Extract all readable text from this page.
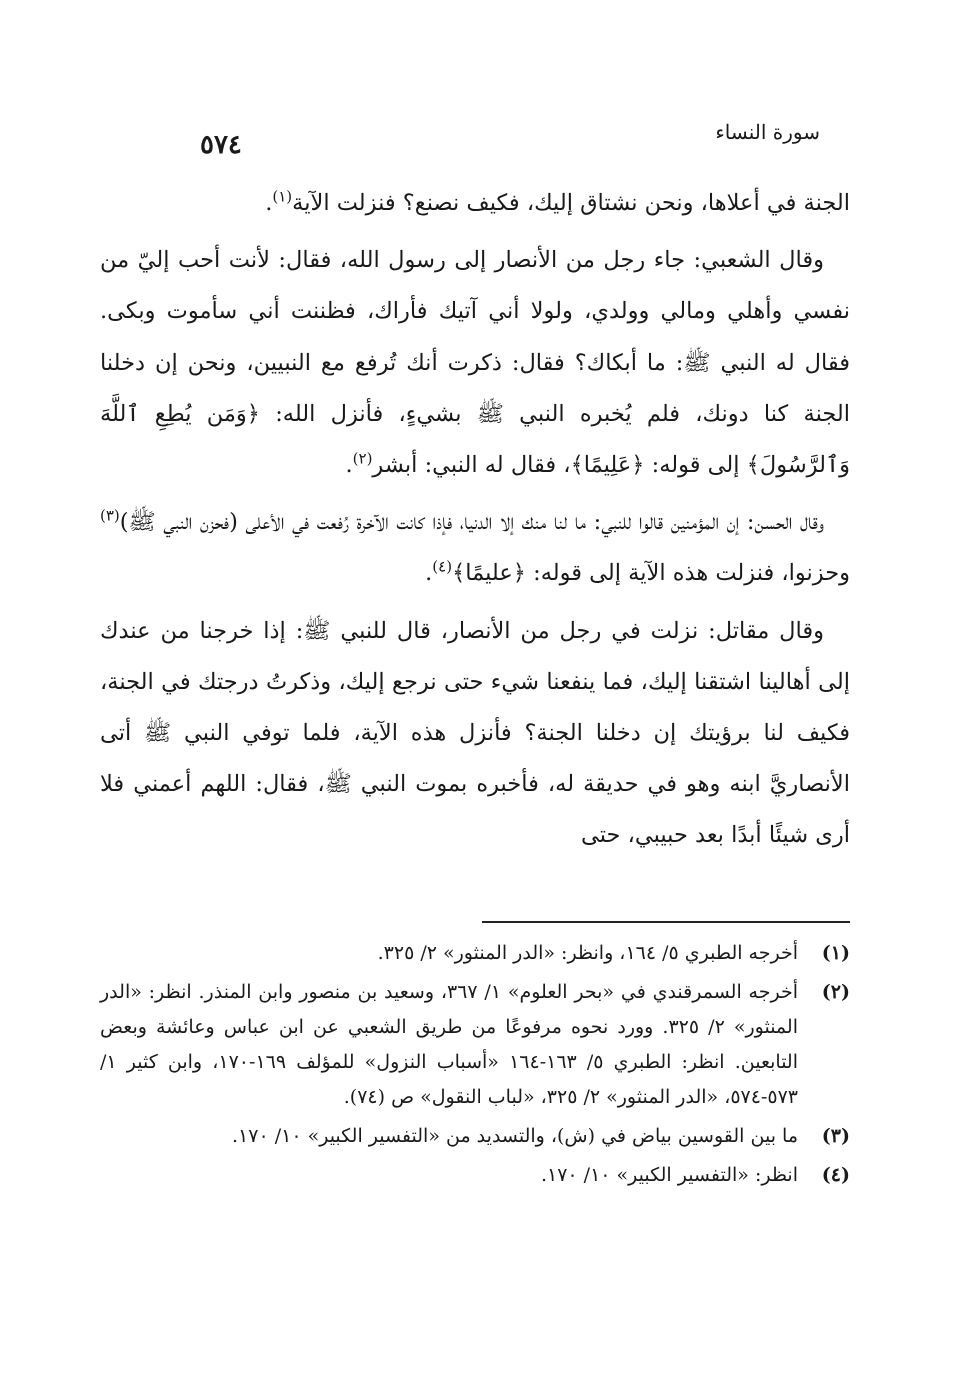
٥٧٤	سورة النساء

الجنة في أعلاها، ونحن نشتاق إليك، فكيف نصنع؟ فنزلت الآية$^{(١)}$.

وقال الشعبي: جاء رجل من الأنصار إلى رسول الله، فقال: لأنت أحب إليّ من نفسي وأهلي ومالي وولدي، ولولا أني آتيك فأراك، فظننت أني سأموت وبكى. فقال له النبي ﷺ: ما أبكاك؟ فقال: ذكرت أنك تُرفع مع النبيين، ونحن إن دخلنا الجنة كنا دونك، فلم يُخبره النبي ﷺ بشيءٍ، فأنزل الله: ﴿وَمَن يُطِعِ ٱللَّهَ وَٱلرَّسُولَ﴾ إلى قوله: ﴿عَلِيمًا﴾، فقال له النبي: أبشر$^{(٢)}$.

وقال الحسن: إن المؤمنين قالوا للنبي: ما لنا منك إلا الدنيا، فإذا كانت الآخرة رُفعت في الأعلى (فحزن النبي ﷺ)$^{(٣)}$ وحزنوا، فنزلت هذه الآية إلى قوله: ﴿عليمًا﴾$^{(٤)}$.

وقال مقاتل: نزلت في رجل من الأنصار، قال للنبي ﷺ: إذا خرجنا من عندك إلى أهالينا اشتقنا إليك، فما ينفعنا شيء حتى نرجع إليك، وذكرتُ درجتك في الجنة، فكيف لنا برؤيتك إن دخلنا الجنة؟ فأنزل هذه الآية، فلما توفي النبي ﷺ أتى الأنصاريَّ ابنه وهو في حديقة له، فأخبره بموت النبي ﷺ، فقال: اللهم أعمني فلا أرى شيئًا أبدًا بعد حبيبي، حتى

(١)
أخرجه الطبري ٥/ ١٦٤، وانظر: «الدر المنثور» ٢/ ٣٢٥.
(٢)
أخرجه السمرقندي في «بحر العلوم» ١/ ٣٦٧، وسعيد بن منصور وابن المنذر. انظر: «الدر المنثور» ٢/ ٣٢٥. وورد نحوه مرفوعًا من طريق الشعبي عن ابن عباس وعائشة وبعض التابعين. انظر: الطبري ٥/ ١٦٣-١٦٤ «أسباب النزول» للمؤلف ١٦٩-١٧٠، وابن كثير ١/ ٥٧٣-٥٧٤، «الدر المنثور» ٢/ ٣٢٥، «لباب النقول» ص (٧٤).
(٣)
ما بين القوسين بياض في (ش)، والتسديد من «التفسير الكبير» ١٠/ ١٧٠.
(٤)
انظر: «التفسير الكبير» ١٠/ ١٧٠.
